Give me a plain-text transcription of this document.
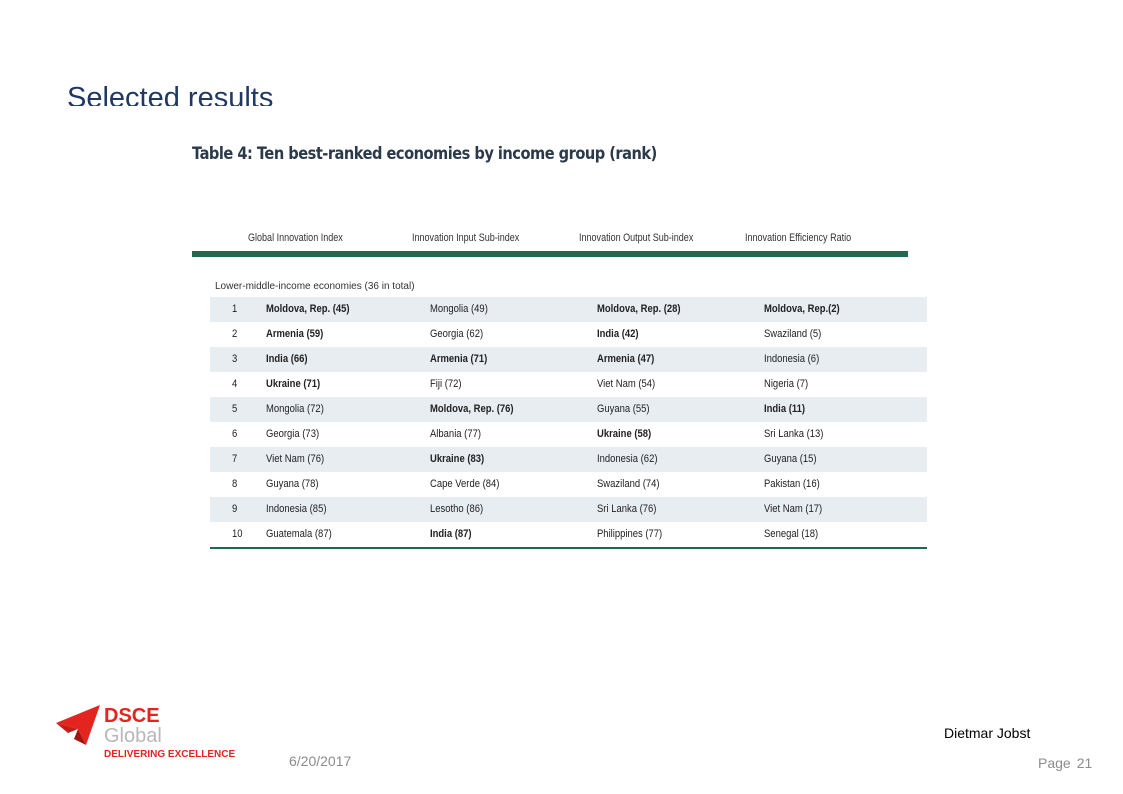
Selected results
Table 4: Ten best-ranked economies by income group (rank)
Global Innovation Index	Innovation Input Sub-index	Innovation Output Sub-index	Innovation Efficiency Ratio
Lower-middle-income economies (36 in total)
1	Moldova, Rep. (45)	Mongolia (49)	Moldova, Rep. (28)	Moldova, Rep.(2)
2	Armenia (59)	Georgia (62)	India (42)	Swaziland (5)
3	India (66)	Armenia (71)	Armenia (47)	Indonesia (6)
4	Ukraine (71)	Fiji (72)	Viet Nam (54)	Nigeria (7)
5	Mongolia (72)	Moldova, Rep. (76)	Guyana (55)	India (11)
6	Georgia (73)	Albania (77)	Ukraine (58)	Sri Lanka (13)
7	Viet Nam (76)	Ukraine (83)	Indonesia (62)	Guyana (15)
8	Guyana (78)	Cape Verde (84)	Swaziland (74)	Pakistan (16)
9	Indonesia (85)	Lesotho (86)	Sri Lanka (76)	Viet Nam (17)
10 Guatemala (87)	India (87)	Philippines (77)	Senegal (18)
DSCE
Global
DELIVERING EXCELLENCE
Dietmar Jobst
6/20/2017	Page 21
